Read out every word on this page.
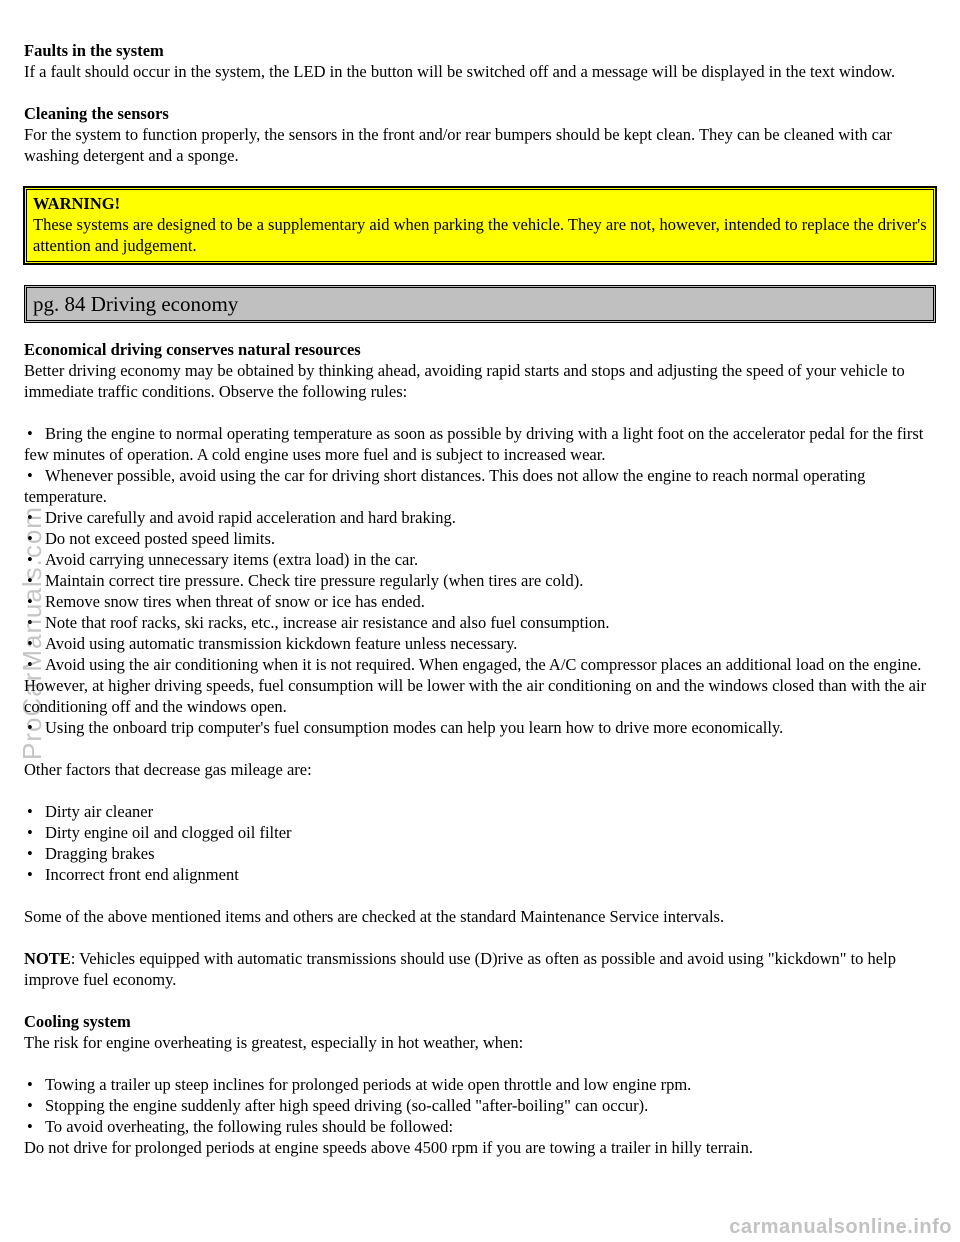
Faults in the system
If a fault should occur in the system, the LED in the button will be switched off and a message will be displayed in the text window.
Cleaning the sensors
For the system to function properly, the sensors in the front and/or rear bumpers should be kept clean. They can be cleaned with car washing detergent and a sponge.
WARNING!
These systems are designed to be a supplementary aid when parking the vehicle. They are not, however, intended to replace the driver's attention and judgement.
pg. 84 Driving economy
Economical driving conserves natural resources

Better driving economy may be obtained by thinking ahead, avoiding rapid starts and stops and adjusting the speed of your vehicle to immediate traffic conditions. Observe the following rules:

• Bring the engine to normal operating temperature as soon as possible by driving with a light foot on the accelerator pedal for the first few minutes of operation. A cold engine uses more fuel and is subject to increased wear.
• Whenever possible, avoid using the car for driving short distances. This does not allow the engine to reach normal operating temperature.
• Drive carefully and avoid rapid acceleration and hard braking.
• Do not exceed posted speed limits.
• Avoid carrying unnecessary items (extra load) in the car.
• Maintain correct tire pressure. Check tire pressure regularly (when tires are cold).
• Remove snow tires when threat of snow or ice has ended.
• Note that roof racks, ski racks, etc., increase air resistance and also fuel consumption.
• Avoid using automatic transmission kickdown feature unless necessary.
• Avoid using the air conditioning when it is not required. When engaged, the A/C compressor places an additional load on the engine. However, at higher driving speeds, fuel consumption will be lower with the air conditioning on and the windows closed than with the air conditioning off and the windows open.
• Using the onboard trip computer's fuel consumption modes can help you learn how to drive more economically.

Other factors that decrease gas mileage are:

• Dirty air cleaner
• Dirty engine oil and clogged oil filter
• Dragging brakes
• Incorrect front end alignment

Some of the above mentioned items and others are checked at the standard Maintenance Service intervals.

NOTE: Vehicles equipped with automatic transmissions should use (D)rive as often as possible and avoid using "kickdown" to help improve fuel economy.

Cooling system

The risk for engine overheating is greatest, especially in hot weather, when:

• Towing a trailer up steep inclines for prolonged periods at wide open throttle and low engine rpm.
• Stopping the engine suddenly after high speed driving (so-called "after-boiling" can occur).
• To avoid overheating, the following rules should be followed:
Do not drive for prolonged periods at engine speeds above 4500 rpm if you are towing a trailer in hilly terrain.
ProCarManuals.com
carmanualsonline.info
